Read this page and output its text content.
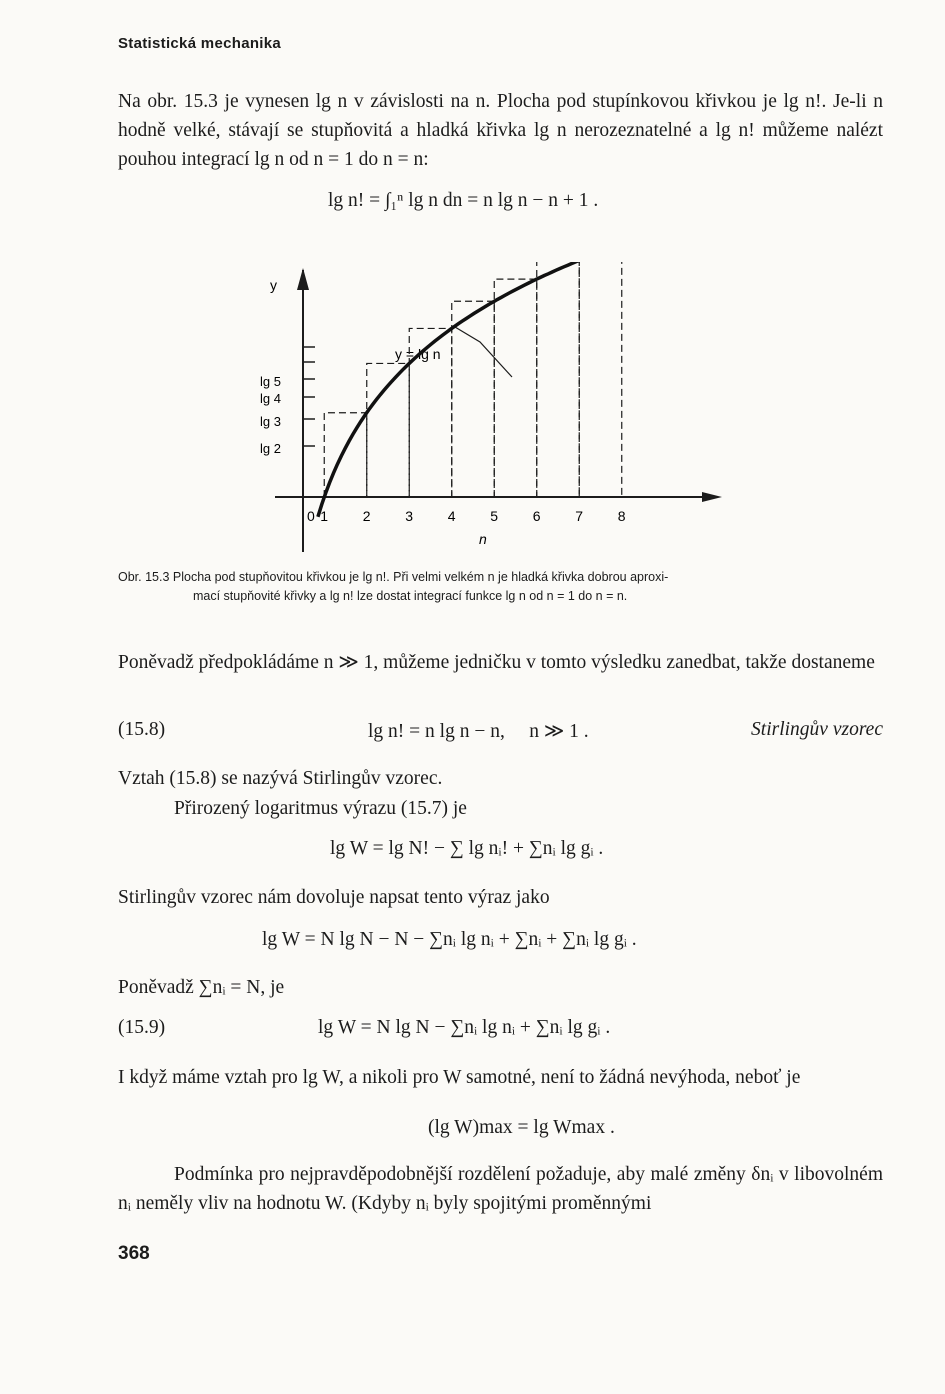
Statistická mechanika
Na obr. 15.3 je vynesen lg n v závislosti na n. Plocha pod stupínkovou křivkou je lg n!. Je-li n hodně velké, stávají se stupňovitá a hladká křivka lg n nerozeznatelné a lg n! můžeme nalézt pouhou integrací lg n od n = 1 do n = n:
lg n! = ∫₁ⁿ lg n dn = n lg n − n + 1 .
y
n
0
y = lg n
lg 5
lg 4
lg 3
lg 2
1 2 3 4 5 6 7 8
Obr. 15.3 Plocha pod stupňovitou křivkou je lg n!. Při velmi velkém n je hladká křivka dobrou aproxi-
mací stupňovité křivky a lg n! lze dostat integrací funkce lg n od n = 1 do n = n.
Poněvadž předpokládáme n ≫ 1, můžeme jedničku v tomto výsledku zanedbat, takže dostaneme
(15.8)	lg n! = n lg n − n,     n ≫ 1 .	Stirlingův vzorec
Vztah (15.8) se nazývá Stirlingův vzorec.
Přirozený logaritmus výrazu (15.7) je
lg W = lg N! − ∑ lg nᵢ! + ∑nᵢ lg gᵢ .
Stirlingův vzorec nám dovoluje napsat tento výraz jako
lg W = N lg N − N − ∑nᵢ lg nᵢ + ∑nᵢ + ∑nᵢ lg gᵢ .
Poněvadž ∑nᵢ = N, je
(15.9)	lg W = N lg N − ∑nᵢ lg nᵢ + ∑nᵢ lg gᵢ .
I když máme vztah pro lg W, a nikoli pro W samotné, není to žádná nevýhoda, neboť je
(lg W)max = lg Wmax .
Podmínka pro nejpravděpodobnější rozdělení požaduje, aby malé změny δnᵢ v libovolném nᵢ neměly vliv na hodnotu W. (Kdyby nᵢ byly spojitými proměnnými
368
